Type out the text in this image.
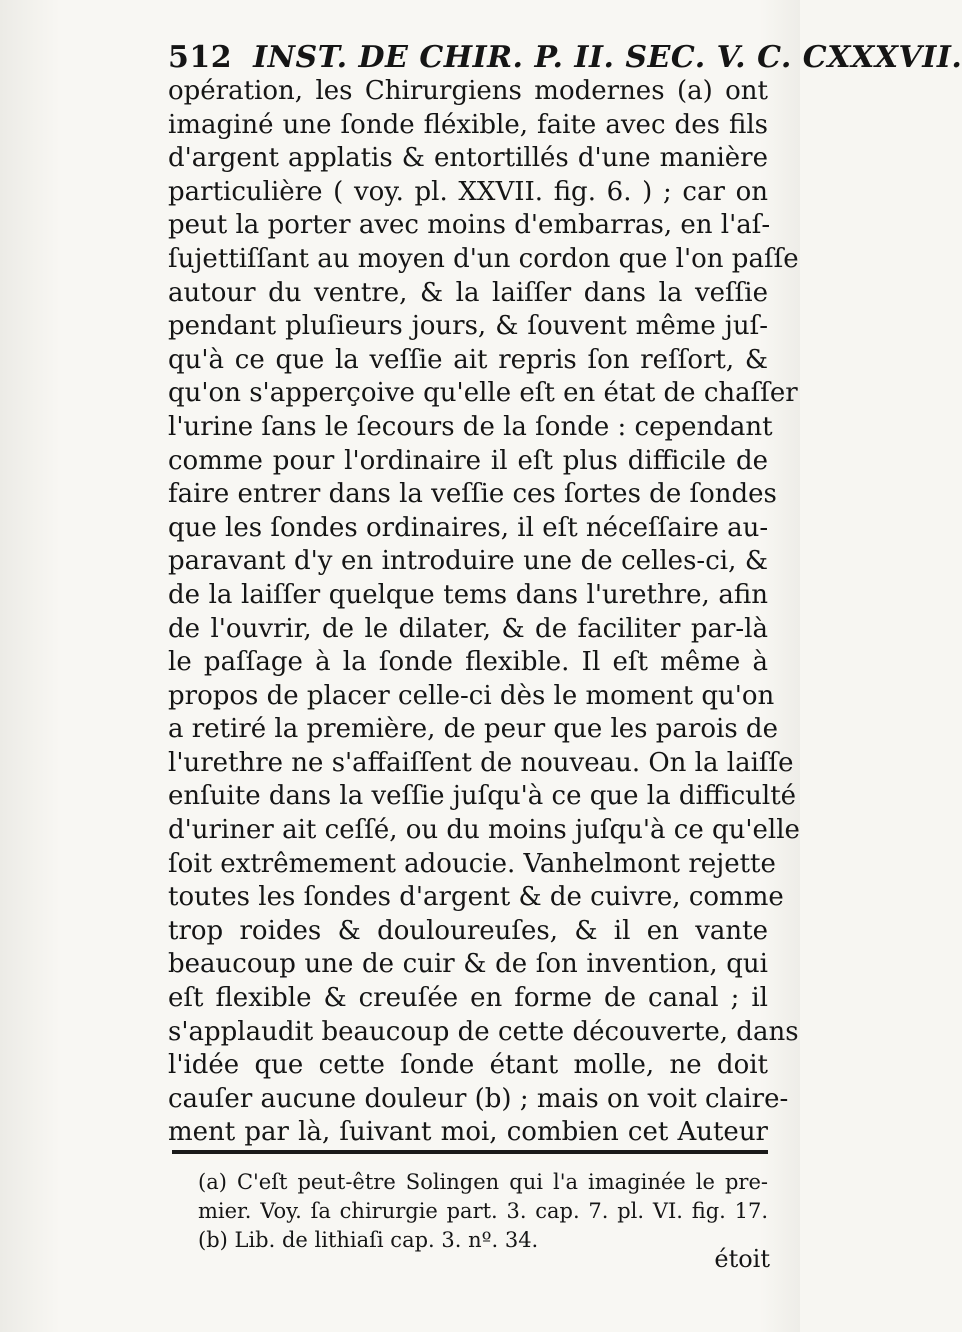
512 INST. DE CHIR. P. II. SEC. V. C. CXXXVII.
opération, les Chirurgiens modernes (a) ont
imaginé une ſonde fléxible, faite avec des fils
d'argent applatis & entortillés d'une manière
particulière ( voy. pl. XXVII. fig. 6. ) ; car on
peut la porter avec moins d'embarras, en l'aſ-
ſujettiſſant au moyen d'un cordon que l'on paſſe
autour du ventre, & la laiſſer dans la veſſie
pendant pluſieurs jours, & ſouvent même juſ-
qu'à ce que la veſſie ait repris ſon reſſort, &
qu'on s'apperçoive qu'elle eſt en état de chaſſer
l'urine ſans le ſecours de la ſonde : cependant
comme pour l'ordinaire il eſt plus difficile de
faire entrer dans la veſſie ces ſortes de ſondes
que les ſondes ordinaires, il eſt néceſſaire au-
paravant d'y en introduire une de celles-ci, &
de la laiſſer quelque tems dans l'urethre, afin
de l'ouvrir, de le dilater, & de faciliter par-là
le paſſage à la ſonde flexible. Il eſt même à
propos de placer celle-ci dès le moment qu'on
a retiré la première, de peur que les parois de
l'urethre ne s'affaiſſent de nouveau. On la laiſſe
enſuite dans la veſſie juſqu'à ce que la difficulté
d'uriner ait ceſſé, ou du moins juſqu'à ce qu'elle
ſoit extrêmement adoucie. Vanhelmont rejette
toutes les ſondes d'argent & de cuivre, comme
trop roides & douloureuſes, & il en vante
beaucoup une de cuir & de ſon invention, qui
eſt flexible & creuſée en forme de canal ; il
s'applaudit beaucoup de cette découverte, dans
l'idée que cette ſonde étant molle, ne doit
cauſer aucune douleur (b) ; mais on voit claire-
ment par là, ſuivant moi, combien cet Auteur
(a) C'eſt peut-être Solingen qui l'a imaginée le pre-
mier. Voy. ſa chirurgie part. 3. cap. 7. pl. VI. fig. 17.
(b) Lib. de lithiaſi cap. 3. nº. 34.
étoit
